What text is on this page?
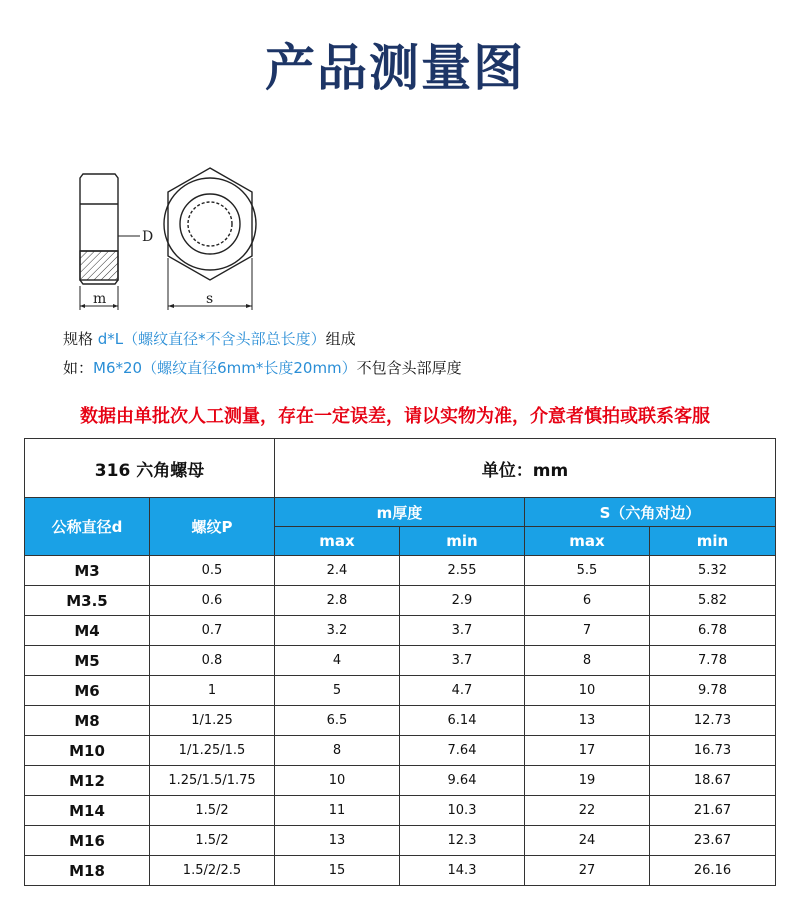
产品测量图
D
m	s
规格 d*L（螺纹直径*不含头部总长度）组成
如：M6*20（螺纹直径6mm*长度20mm）不包含头部厚度
数据由单批次人工测量，存在一定误差，请以实物为准，介意者慎拍或联系客服
316 六角螺母		单位：mm			
公称直径d	螺纹P	m厚度		S（六角对边）	
		max	min	max	min
M3	0.5	2.4	2.55	5.5	5.32
M3.5	0.6	2.8	2.9	6	5.82
M4	0.7	3.2	3.7	7	6.78
M5	0.8	4	3.7	8	7.78
M6	1	5	4.7	10	9.78
M8	1/1.25	6.5	6.14	13	12.73
M10	1/1.25/1.5	8	7.64	17	16.73
M12	1.25/1.5/1.75	10	9.64	19	18.67
M14	1.5/2	11	10.3	22	21.67
M16	1.5/2	13	12.3	24	23.67
M18	1.5/2/2.5	15	14.3	27	26.16
